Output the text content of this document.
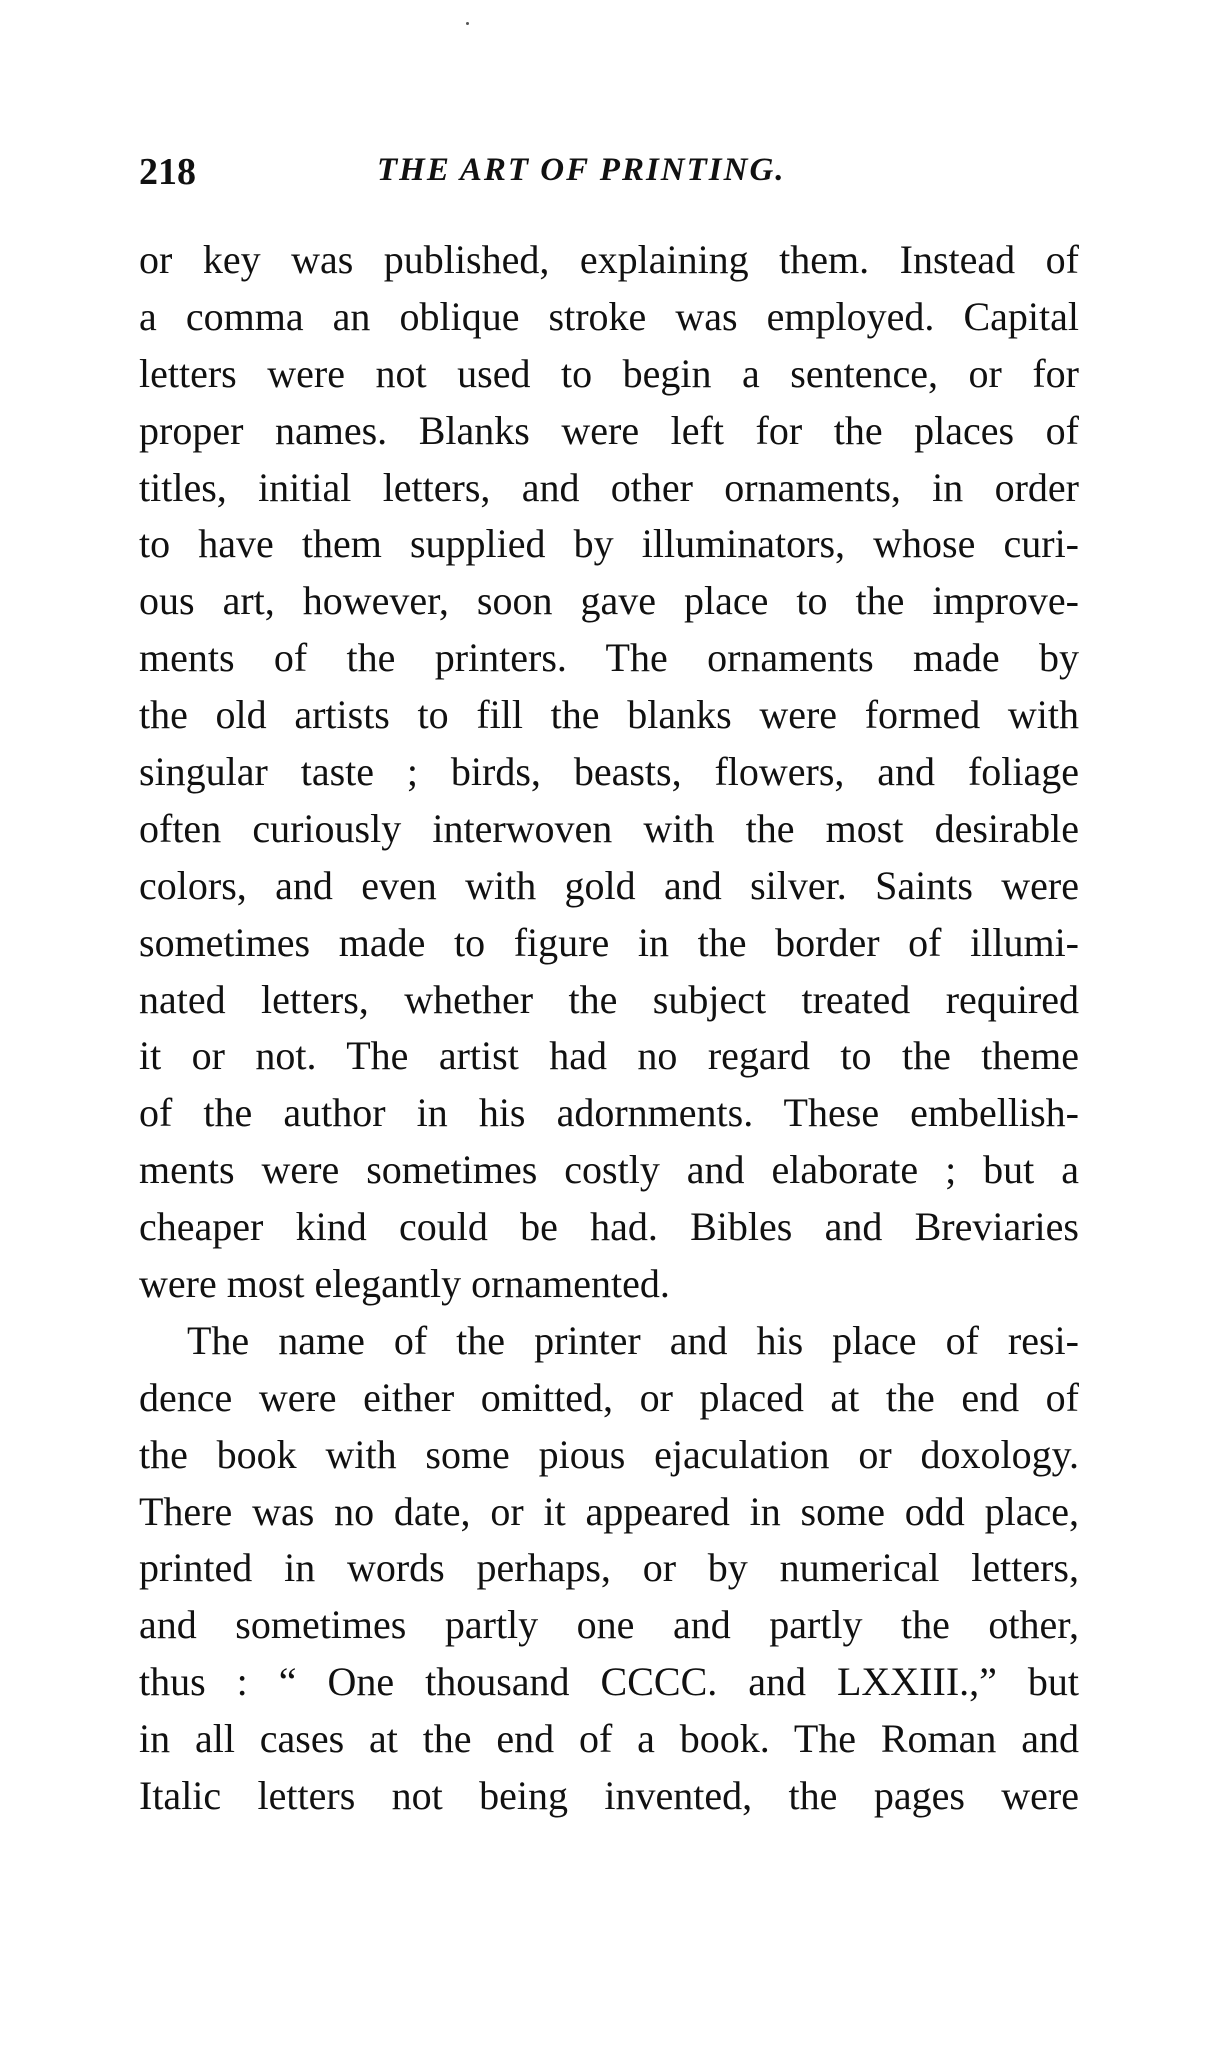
218	THE ART OF PRINTING.
or key was published, explaining them. Instead of
a comma an oblique stroke was employed. Capital
letters were not used to begin a sentence, or for
proper names. Blanks were left for the places of
titles, initial letters, and other ornaments, in order
to have them supplied by illuminators, whose curi-
ous art, however, soon gave place to the improve-
ments of the printers. The ornaments made by
the old artists to fill the blanks were formed with
singular taste ; birds, beasts, flowers, and foliage
often curiously interwoven with the most desirable
colors, and even with gold and silver. Saints were
sometimes made to figure in the border of illumi-
nated letters, whether the subject treated required
it or not. The artist had no regard to the theme
of the author in his adornments. These embellish-
ments were sometimes costly and elaborate ; but a
cheaper kind could be had. Bibles and Breviaries
were most elegantly ornamented.
The name of the printer and his place of resi-
dence were either omitted, or placed at the end of
the book with some pious ejaculation or doxology.
There was no date, or it appeared in some odd place,
printed in words perhaps, or by numerical letters,
and sometimes partly one and partly the other,
thus : “ One thousand CCCC. and LXXIII.,” but
in all cases at the end of a book. The Roman and
Italic letters not being invented, the pages were
